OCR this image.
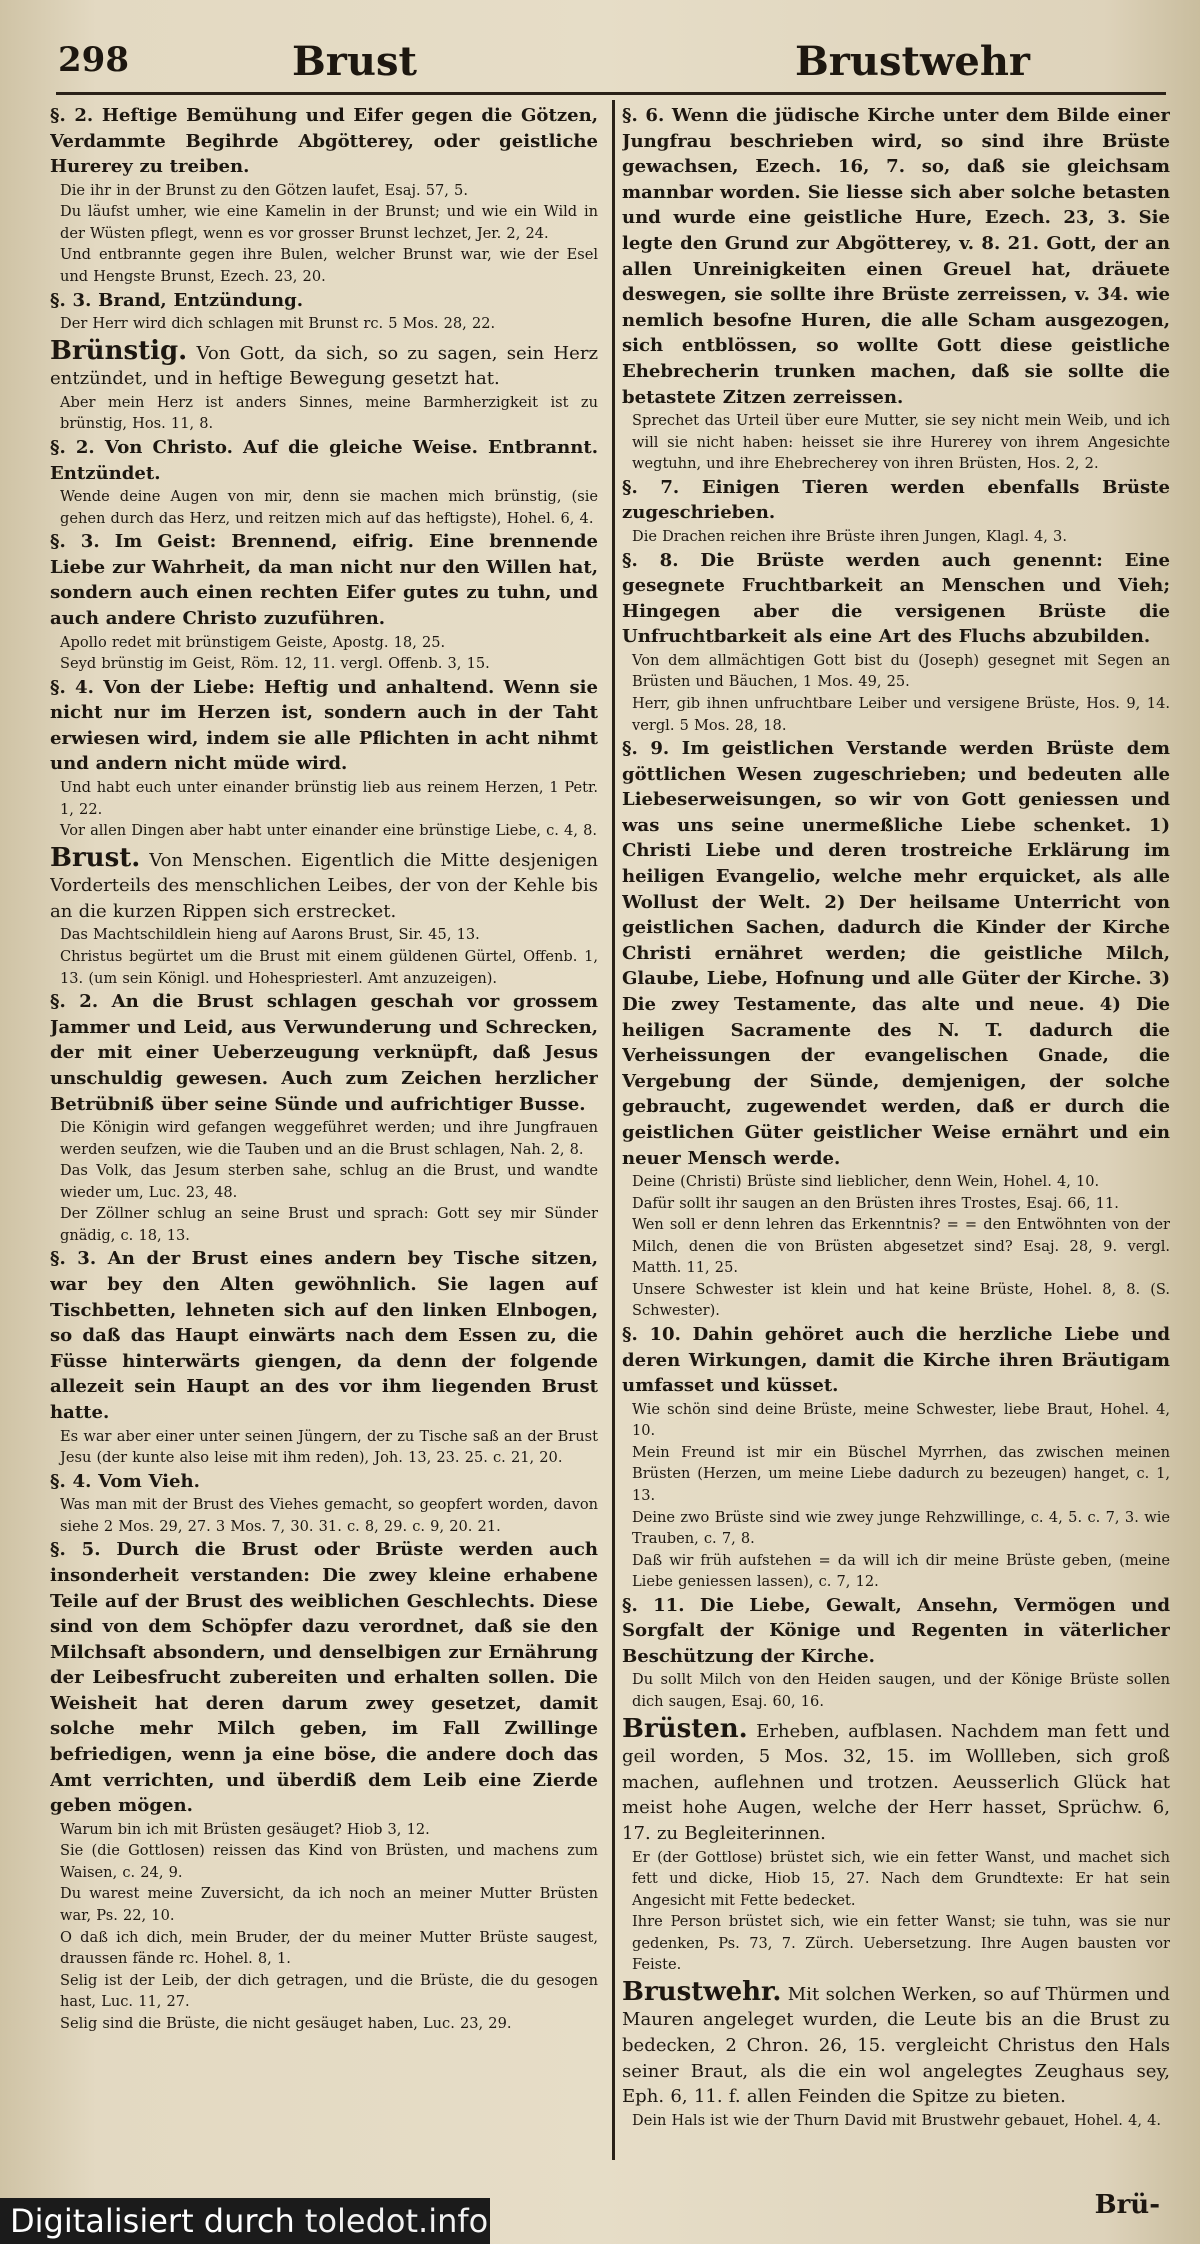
298	Brust	Brustwehr

§. 2. Heftige Bemühung und Eifer gegen die Götzen, Verdammte Begihrde Abgötterey, oder geistliche Hurerey zu treiben.

Die ihr in der Brunst zu den Götzen laufet, Esaj. 57, 5.

Du läufst umher, wie eine Kamelin in der Brunst; und wie ein Wild in der Wüsten pflegt, wenn es vor grosser Brunst lechzet, Jer. 2, 24.

Und entbrannte gegen ihre Bulen, welcher Brunst war, wie der Esel und Hengste Brunst, Ezech. 23, 20.

§. 3. Brand, Entzündung.

Der Herr wird dich schlagen mit Brunst rc. 5 Mos. 28, 22.

Brünstig. Von Gott, da sich, so zu sagen, sein Herz entzündet, und in heftige Bewegung gesetzt hat.

Aber mein Herz ist anders Sinnes, meine Barmherzigkeit ist zu brünstig, Hos. 11, 8.

§. 2. Von Christo. Auf die gleiche Weise. Entbrannt. Entzündet.

Wende deine Augen von mir, denn sie machen mich brünstig, (sie gehen durch das Herz, und reitzen mich auf das heftigste), Hohel. 6, 4.

§. 3. Im Geist: Brennend, eifrig. Eine brennende Liebe zur Wahrheit, da man nicht nur den Willen hat, sondern auch einen rechten Eifer gutes zu tuhn, und auch andere Christo zuzuführen.

Apollo redet mit brünstigem Geiste, Apostg. 18, 25.

Seyd brünstig im Geist, Röm. 12, 11. vergl. Offenb. 3, 15.

§. 4. Von der Liebe: Heftig und anhaltend. Wenn sie nicht nur im Herzen ist, sondern auch in der Taht erwiesen wird, indem sie alle Pflichten in acht nihmt und andern nicht müde wird.

Und habt euch unter einander brünstig lieb aus reinem Herzen, 1 Petr. 1, 22.

Vor allen Dingen aber habt unter einander eine brünstige Liebe, c. 4, 8.

Brust. Von Menschen. Eigentlich die Mitte desjenigen Vorderteils des menschlichen Leibes, der von der Kehle bis an die kurzen Rippen sich erstrecket.

Das Machtschildlein hieng auf Aarons Brust, Sir. 45, 13.

Christus begürtet um die Brust mit einem güldenen Gürtel, Offenb. 1, 13. (um sein Königl. und Hohespriesterl. Amt anzuzeigen).

§. 2. An die Brust schlagen geschah vor grossem Jammer und Leid, aus Verwunderung und Schrecken, der mit einer Ueberzeugung verknüpft, daß Jesus unschuldig gewesen. Auch zum Zeichen herzlicher Betrübniß über seine Sünde und aufrichtiger Busse.

Die Königin wird gefangen weggeführet werden; und ihre Jungfrauen werden seufzen, wie die Tauben und an die Brust schlagen, Nah. 2, 8.

Das Volk, das Jesum sterben sahe, schlug an die Brust, und wandte wieder um, Luc. 23, 48.

Der Zöllner schlug an seine Brust und sprach: Gott sey mir Sünder gnädig, c. 18, 13.

§. 3. An der Brust eines andern bey Tische sitzen, war bey den Alten gewöhnlich. Sie lagen auf Tischbetten, lehneten sich auf den linken Elnbogen, so daß das Haupt einwärts nach dem Essen zu, die Füsse hinterwärts giengen, da denn der folgende allezeit sein Haupt an des vor ihm liegenden Brust hatte.

Es war aber einer unter seinen Jüngern, der zu Tische saß an der Brust Jesu (der kunte also leise mit ihm reden), Joh. 13, 23. 25. c. 21, 20.

§. 4. Vom Vieh.

Was man mit der Brust des Viehes gemacht, so geopfert worden, davon siehe 2 Mos. 29, 27. 3 Mos. 7, 30. 31. c. 8, 29. c. 9, 20. 21.

§. 5. Durch die Brust oder Brüste werden auch insonderheit verstanden: Die zwey kleine erhabene Teile auf der Brust des weiblichen Geschlechts. Diese sind von dem Schöpfer dazu verordnet, daß sie den Milchsaft absondern, und denselbigen zur Ernährung der Leibesfrucht zubereiten und erhalten sollen. Die Weisheit hat deren darum zwey gesetzet, damit solche mehr Milch geben, im Fall Zwillinge befriedigen, wenn ja eine böse, die andere doch das Amt verrichten, und überdiß dem Leib eine Zierde geben mögen.

Warum bin ich mit Brüsten gesäuget? Hiob 3, 12.

Sie (die Gottlosen) reissen das Kind von Brüsten, und machens zum Waisen, c. 24, 9.

Du warest meine Zuversicht, da ich noch an meiner Mutter Brüsten war, Ps. 22, 10.

O daß ich dich, mein Bruder, der du meiner Mutter Brüste saugest, draussen fände rc. Hohel. 8, 1.

Selig ist der Leib, der dich getragen, und die Brüste, die du gesogen hast, Luc. 11, 27.

Selig sind die Brüste, die nicht gesäuget haben, Luc. 23, 29.

§. 6. Wenn die jüdische Kirche unter dem Bilde einer Jungfrau beschrieben wird, so sind ihre Brüste gewachsen, Ezech. 16, 7. so, daß sie gleichsam mannbar worden. Sie liesse sich aber solche betasten und wurde eine geistliche Hure, Ezech. 23, 3. Sie legte den Grund zur Abgötterey, v. 8. 21. Gott, der an allen Unreinigkeiten einen Greuel hat, dräuete deswegen, sie sollte ihre Brüste zerreissen, v. 34. wie nemlich besofne Huren, die alle Scham ausgezogen, sich entblössen, so wollte Gott diese geistliche Ehebrecherin trunken machen, daß sie sollte die betastete Zitzen zerreissen.

Sprechet das Urteil über eure Mutter, sie sey nicht mein Weib, und ich will sie nicht haben: heisset sie ihre Hurerey von ihrem Angesichte wegtuhn, und ihre Ehebrecherey von ihren Brüsten, Hos. 2, 2.

§. 7. Einigen Tieren werden ebenfalls Brüste zugeschrieben.

Die Drachen reichen ihre Brüste ihren Jungen, Klagl. 4, 3.

§. 8. Die Brüste werden auch genennt: Eine gesegnete Fruchtbarkeit an Menschen und Vieh; Hingegen aber die versigenen Brüste die Unfruchtbarkeit als eine Art des Fluchs abzubilden.

Von dem allmächtigen Gott bist du (Joseph) gesegnet mit Segen an Brüsten und Bäuchen, 1 Mos. 49, 25.

Herr, gib ihnen unfruchtbare Leiber und versigene Brüste, Hos. 9, 14. vergl. 5 Mos. 28, 18.

§. 9. Im geistlichen Verstande werden Brüste dem göttlichen Wesen zugeschrieben; und bedeuten alle Liebeserweisungen, so wir von Gott geniessen und was uns seine unermeßliche Liebe schenket. 1) Christi Liebe und deren trostreiche Erklärung im heiligen Evangelio, welche mehr erquicket, als alle Wollust der Welt. 2) Der heilsame Unterricht von geistlichen Sachen, dadurch die Kinder der Kirche Christi ernähret werden; die geistliche Milch, Glaube, Liebe, Hofnung und alle Güter der Kirche. 3) Die zwey Testamente, das alte und neue. 4) Die heiligen Sacramente des N. T. dadurch die Verheissungen der evangelischen Gnade, die Vergebung der Sünde, demjenigen, der solche gebraucht, zugewendet werden, daß er durch die geistlichen Güter geistlicher Weise ernährt und ein neuer Mensch werde.

Deine (Christi) Brüste sind lieblicher, denn Wein, Hohel. 4, 10.

Dafür sollt ihr saugen an den Brüsten ihres Trostes, Esaj. 66, 11.

Wen soll er denn lehren das Erkenntnis? = = den Entwöhnten von der Milch, denen die von Brüsten abgesetzet sind? Esaj. 28, 9. vergl. Matth. 11, 25.

Unsere Schwester ist klein und hat keine Brüste, Hohel. 8, 8. (S. Schwester).

§. 10. Dahin gehöret auch die herzliche Liebe und deren Wirkungen, damit die Kirche ihren Bräutigam umfasset und küsset.

Wie schön sind deine Brüste, meine Schwester, liebe Braut, Hohel. 4, 10.

Mein Freund ist mir ein Büschel Myrrhen, das zwischen meinen Brüsten (Herzen, um meine Liebe dadurch zu bezeugen) hanget, c. 1, 13.

Deine zwo Brüste sind wie zwey junge Rehzwillinge, c. 4, 5. c. 7, 3. wie Trauben, c. 7, 8.

Daß wir früh aufstehen = da will ich dir meine Brüste geben, (meine Liebe geniessen lassen), c. 7, 12.

§. 11. Die Liebe, Gewalt, Ansehn, Vermögen und Sorgfalt der Könige und Regenten in väterlicher Beschützung der Kirche.

Du sollt Milch von den Heiden saugen, und der Könige Brüste sollen dich saugen, Esaj. 60, 16.

Brüsten. Erheben, aufblasen. Nachdem man fett und geil worden, 5 Mos. 32, 15. im Wollleben, sich groß machen, auflehnen und trotzen. Aeusserlich Glück hat meist hohe Augen, welche der Herr hasset, Sprüchw. 6, 17. zu Begleiterinnen.

Er (der Gottlose) brüstet sich, wie ein fetter Wanst, und machet sich fett und dicke, Hiob 15, 27. Nach dem Grundtexte: Er hat sein Angesicht mit Fette bedecket.

Ihre Person brüstet sich, wie ein fetter Wanst; sie tuhn, was sie nur gedenken, Ps. 73, 7. Zürch. Uebersetzung. Ihre Augen bausten vor Feiste.

Brustwehr. Mit solchen Werken, so auf Thürmen und Mauren angeleget wurden, die Leute bis an die Brust zu bedecken, 2 Chron. 26, 15. vergleicht Christus den Hals seiner Braut, als die ein wol angelegtes Zeughaus sey, Eph. 6, 11. f. allen Feinden die Spitze zu bieten.

Dein Hals ist wie der Thurn David mit Brustwehr gebauet, Hohel. 4, 4.

Brü-
Digitalisiert durch toledot.info
